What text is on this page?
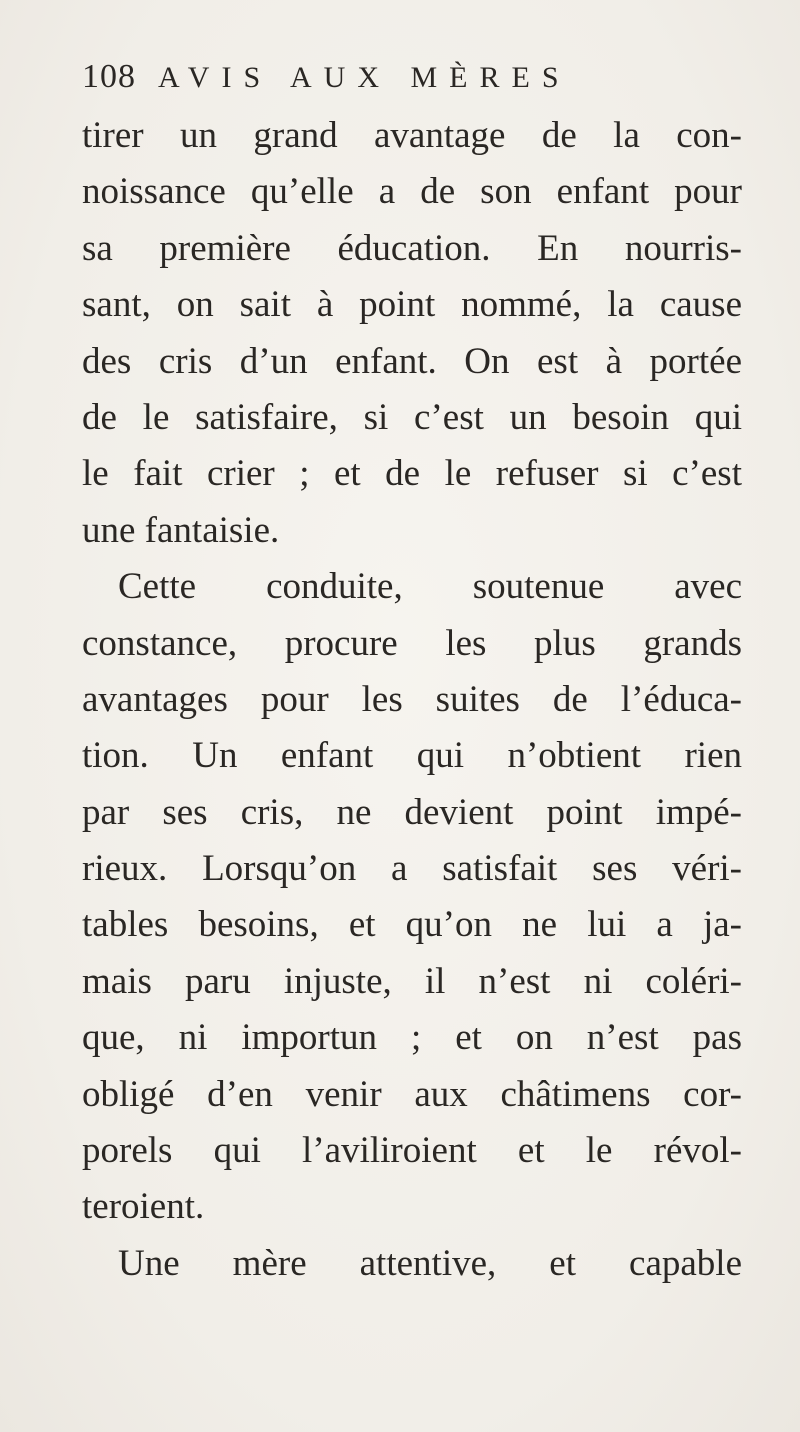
108 AVIS AUX MÈRES
tirer un grand avantage de la con-
noissance qu’elle a de son enfant pour
sa première éducation. En nourris-
sant, on sait à point nommé, la cause
des cris d’un enfant. On est à portée
de le satisfaire, si c’est un besoin qui
le fait crier ; et de le refuser si c’est
une fantaisie.
Cette conduite, soutenue avec
constance, procure les plus grands
avantages pour les suites de l’éduca-
tion. Un enfant qui n’obtient rien
par ses cris, ne devient point impé-
rieux. Lorsqu’on a satisfait ses véri-
tables besoins, et qu’on ne lui a ja-
mais paru injuste, il n’est ni colérі-
que, ni importun ; et on n’est pas
obligé d’en venir aux châtimens cor-
porels qui l’aviliroient et le révol-
teroient.
Une mère attentive, et capable
